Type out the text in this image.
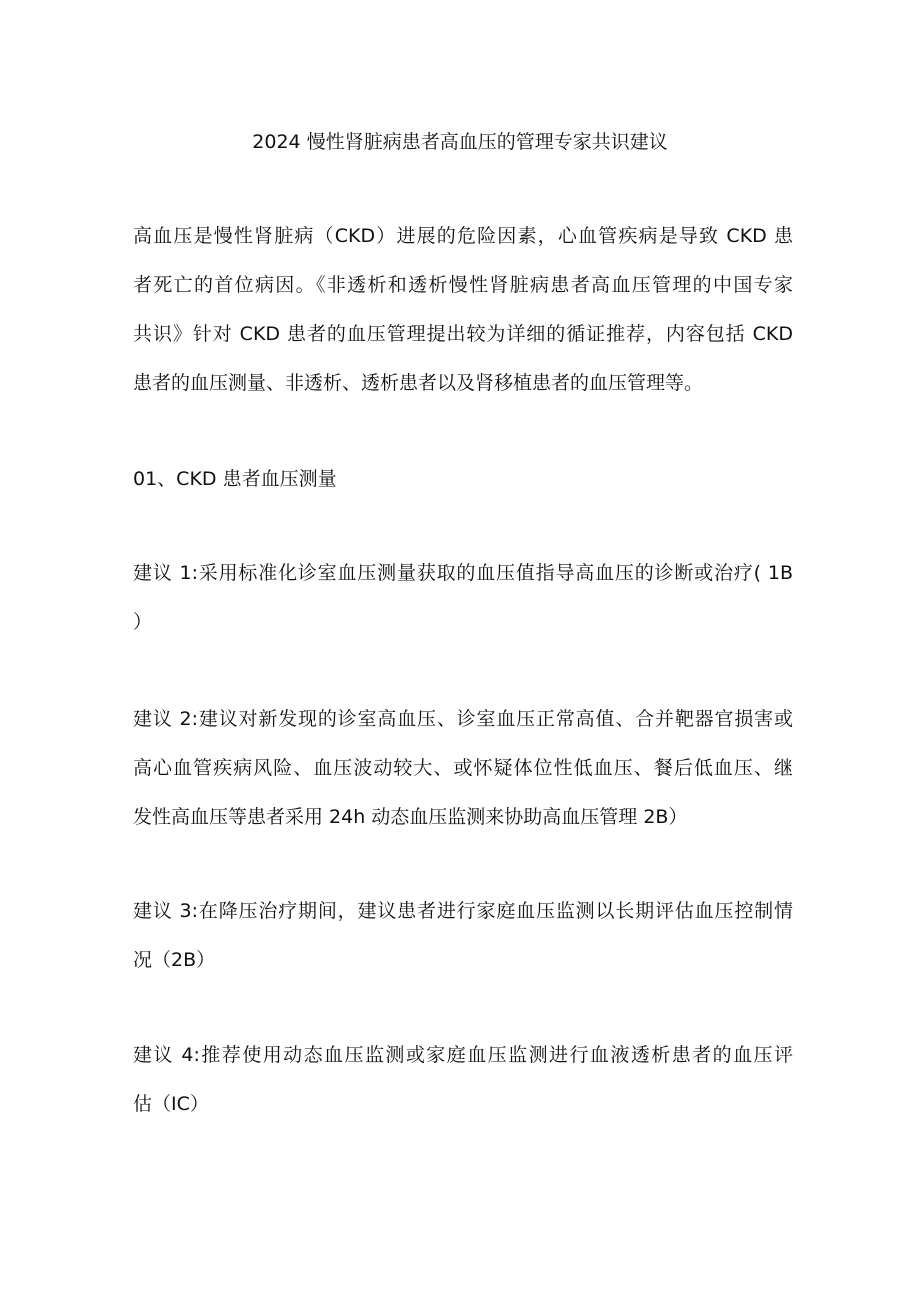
2024 慢性肾脏病患者高血压的管理专家共识建议
高血压是慢性肾脏病（CKD）进展的危险因素，心血管疾病是导致 CKD 患
者死亡的首位病因。《非透析和透析慢性肾脏病患者高血压管理的中国专家
共识》针对 CKD 患者的血压管理提出较为详细的循证推荐，内容包括 CKD
患者的血压测量、非透析、透析患者以及肾移植患者的血压管理等。
01、CKD 患者血压测量
建议 1:采用标准化诊室血压测量获取的血压值指导高血压的诊断或治疗( 1B
）
建议 2:建议对新发现的诊室高血压、诊室血压正常高值、合并靶器官损害或
高心血管疾病风险、血压波动较大、或怀疑体位性低血压、餐后低血压、继
发性高血压等患者采用 24h 动态血压监测来协助高血压管理 2B）
建议 3:在降压治疗期间，建议患者进行家庭血压监测以长期评估血压控制情
况（2B）
建议 4:推荐使用动态血压监测或家庭血压监测进行血液透析患者的血压评
估（IC）
